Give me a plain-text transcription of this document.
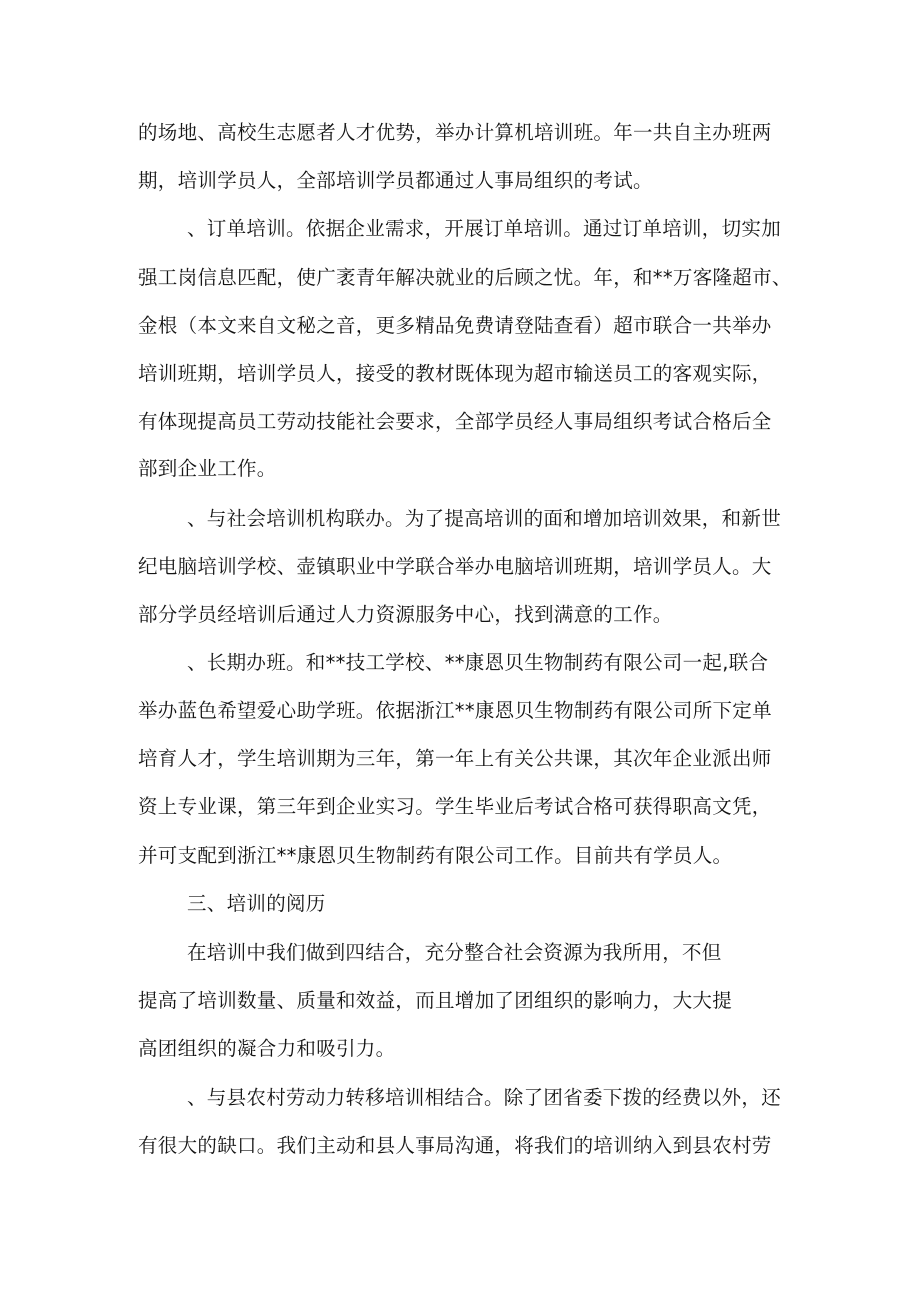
的场地、高校生志愿者人才优势，举办计算机培训班。年一共自主办班两

期，培训学员人，全部培训学员都通过人事局组织的考试。

、订单培训。依据企业需求，开展订单培训。通过订单培训，切实加

强工岗信息匹配，使广袤青年解决就业的后顾之忧。年，和**万客隆超市、

金根（本文来自文秘之音，更多精品免费请登陆查看）超市联合一共举办

培训班期，培训学员人，接受的教材既体现为超市输送员工的客观实际，

有体现提高员工劳动技能社会要求，全部学员经人事局组织考试合格后全

部到企业工作。

、与社会培训机构联办。为了提高培训的面和增加培训效果，和新世

纪电脑培训学校、壶镇职业中学联合举办电脑培训班期，培训学员人。大

部分学员经培训后通过人力资源服务中心，找到满意的工作。

、长期办班。和**技工学校、**康恩贝生物制药有限公司一起,联合

举办蓝色希望爱心助学班。依据浙江**康恩贝生物制药有限公司所下定单

培育人才，学生培训期为三年，第一年上有关公共课，其次年企业派出师

资上专业课，第三年到企业实习。学生毕业后考试合格可获得职高文凭，

并可支配到浙江**康恩贝生物制药有限公司工作。目前共有学员人。

三、培训的阅历

在培训中我们做到四结合，充分整合社会资源为我所用，不但

提高了培训数量、质量和效益，而且增加了团组织的影响力，大大提

高团组织的凝合力和吸引力。

、与县农村劳动力转移培训相结合。除了团省委下拨的经费以外，还

有很大的缺口。我们主动和县人事局沟通，将我们的培训纳入到县农村劳
